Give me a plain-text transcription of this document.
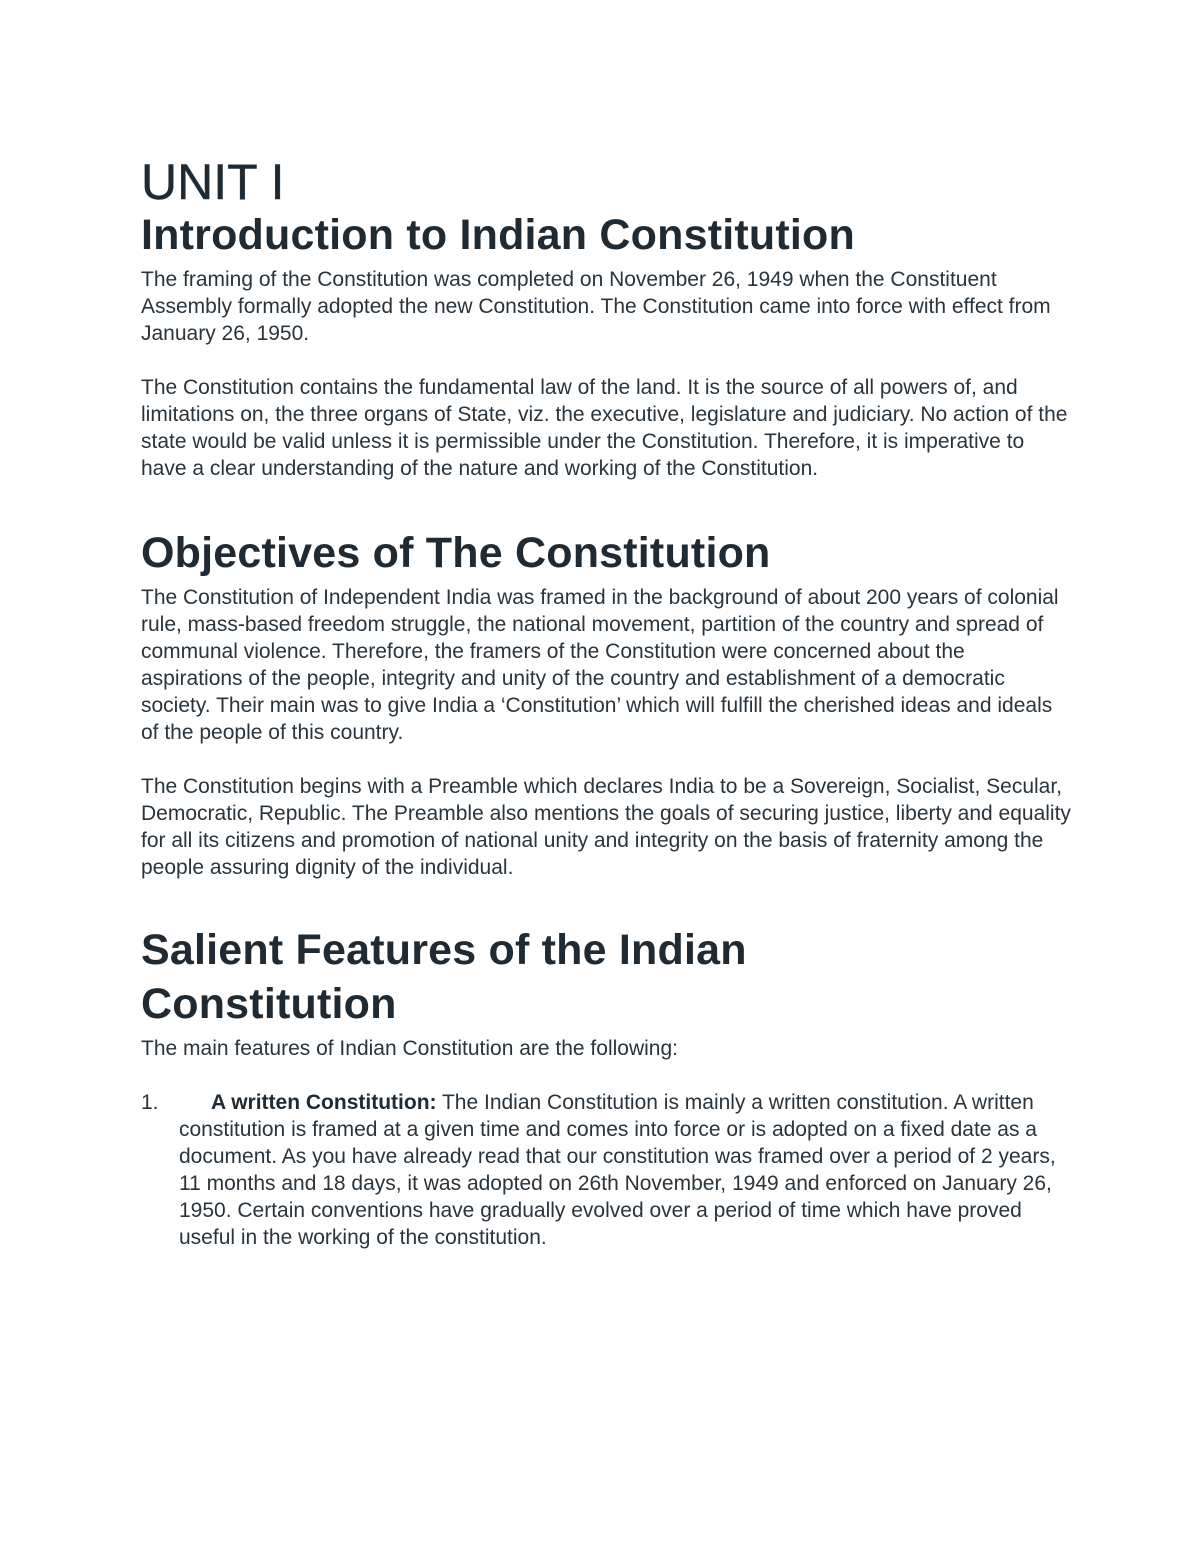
UNIT I
Introduction to Indian Constitution

The framing of the Constitution was completed on November 26, 1949 when the Constituent Assembly formally adopted the new Constitution. The Constitution came into force with effect from January 26, 1950.

The Constitution contains the fundamental law of the land. It is the source of all powers of, and limitations on, the three organs of State, viz. the executive, legislature and judiciary. No action of the state would be valid unless it is permissible under the Constitution. Therefore, it is imperative to have a clear understanding of the nature and working of the Constitution.

Objectives of The Constitution

The Constitution of Independent India was framed in the background of about 200 years of colonial rule, mass-based freedom struggle, the national movement, partition of the country and spread of communal violence. Therefore, the framers of the Constitution were concerned about the aspirations of the people, integrity and unity of the country and establishment of a democratic society. Their main was to give India a ‘Constitution’ which will fulfill the cherished ideas and ideals of the people of this country.

The Constitution begins with a Preamble which declares India to be a Sovereign, Socialist, Secular, Democratic, Republic. The Preamble also mentions the goals of securing justice, liberty and equality for all its citizens and promotion of national unity and integrity on the basis of fraternity among the people assuring dignity of the individual.

Salient Features of the Indian
Constitution

The main features of Indian Constitution are the following:

1.	A written Constitution: The Indian Constitution is mainly a written constitution. A written constitution is framed at a given time and comes into force or is adopted on a fixed date as a document. As you have already read that our constitution was framed over a period of 2 years, 11 months and 18 days, it was adopted on 26th November, 1949 and enforced on January 26, 1950. Certain conventions have gradually evolved over a period of time which have proved useful in the working of the constitution.
